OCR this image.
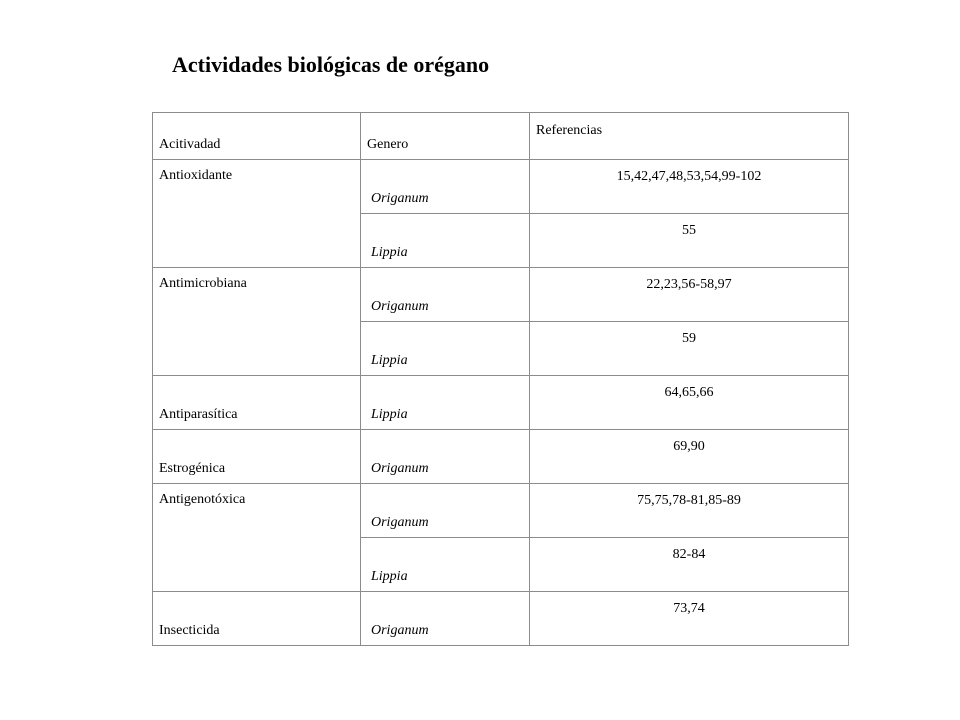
Actividades biológicas de orégano
Acitivadad	Genero	Referencias
Antioxidante	Origanum	15,42,47,48,53,54,99-102
	Lippia	55
Antimicrobiana	Origanum	22,23,56-58,97
	Lippia	59
Antiparasítica	Lippia	64,65,66
Estrogénica	Origanum	69,90
Antigenotóxica	Origanum	75,75,78-81,85-89
	Lippia	82-84
Insecticida	Origanum	73,74
